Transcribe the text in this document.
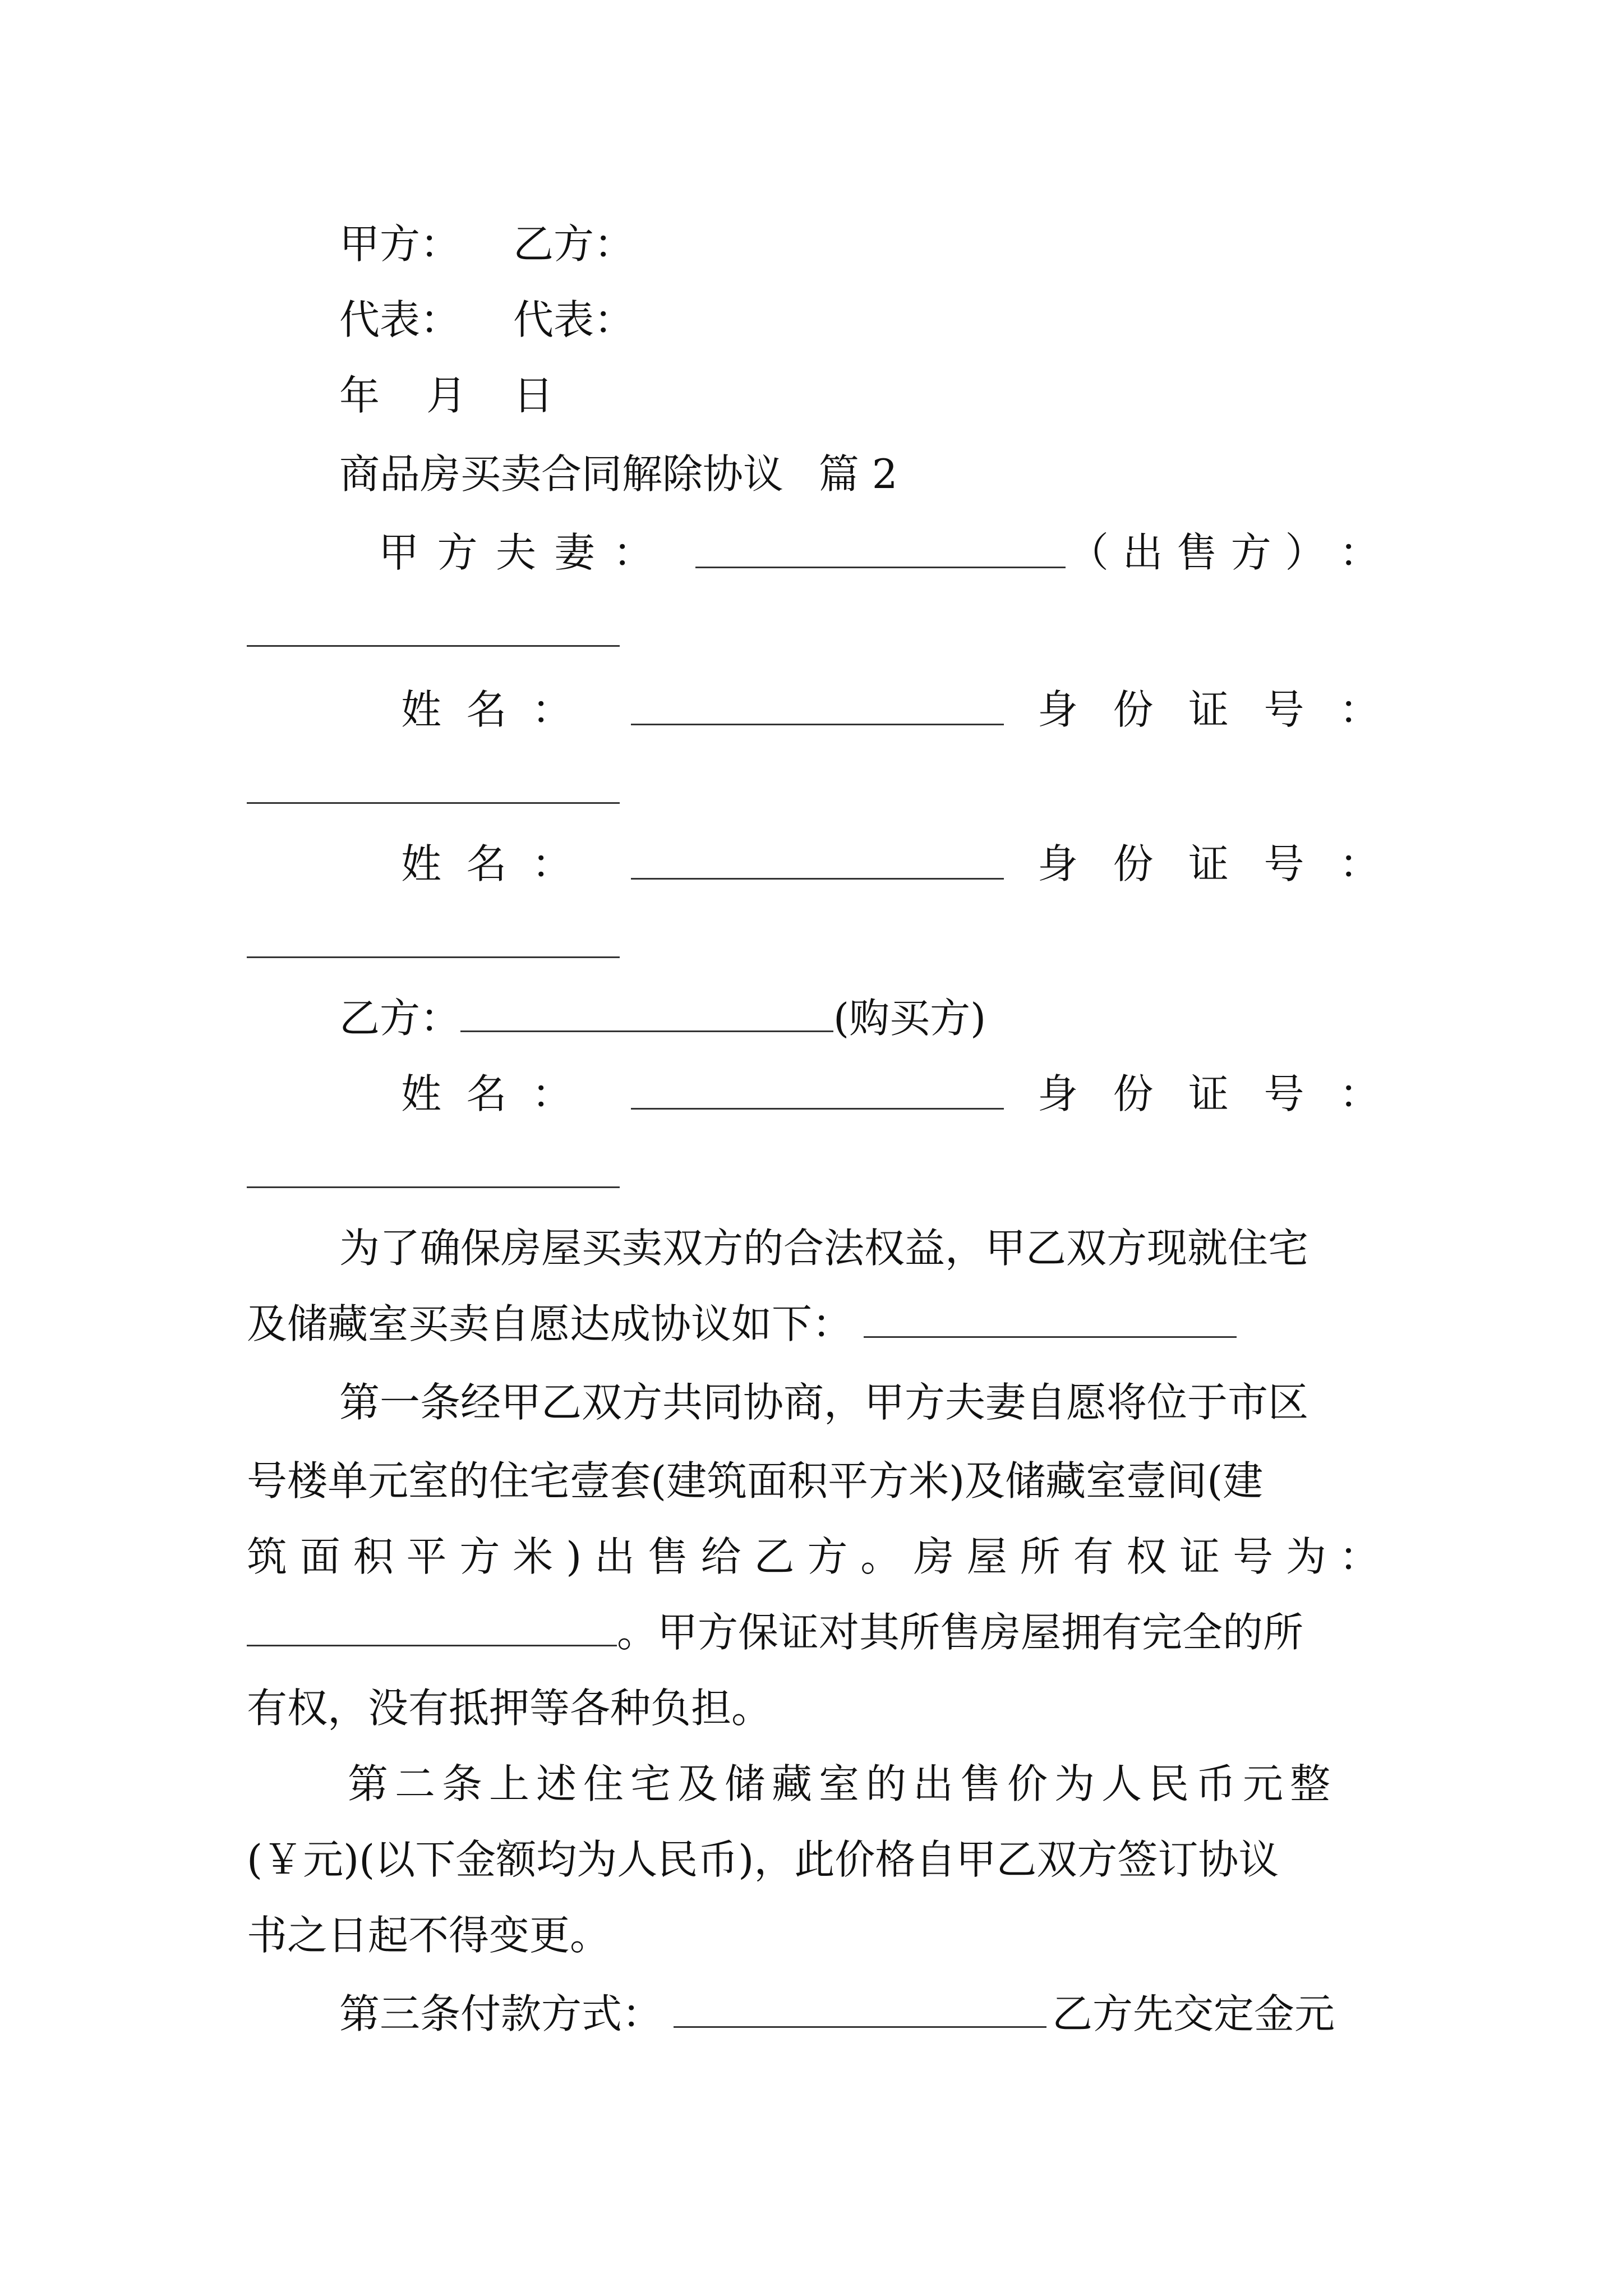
甲方： 乙方：
代表： 代表：
年 月 日
商品房买卖合同解除协议 篇 2
甲 方 夫 妻 ：	（ 出 售 方 ） ：
姓 名 ：	身 份 证 号 ：
姓 名 ：	身 份 证 号 ：
乙方：	(购买方)
姓 名 ：	身 份 证 号 ：
为了确保房屋买卖双方的合法权益，甲乙双方现就住宅
及储藏室买卖自愿达成协议如下：
第一条经甲乙双方共同协商，甲方夫妻自愿将位于市区
号楼单元室的住宅壹套(建筑面积平方米)及储藏室壹间(建
筑 面 积 平 方 米 ) 出 售 给 乙 方 。 房 屋 所 有 权 证 号 为 ：
。甲方保证对其所售房屋拥有完全的所
有权，没有抵押等各种负担。
第二条上述住宅及储藏室的出售价为人民币元整
(￥元)(以下金额均为人民币)，此价格自甲乙双方签订协议
书之日起不得变更。
第三条付款方式：	乙方先交定金元
